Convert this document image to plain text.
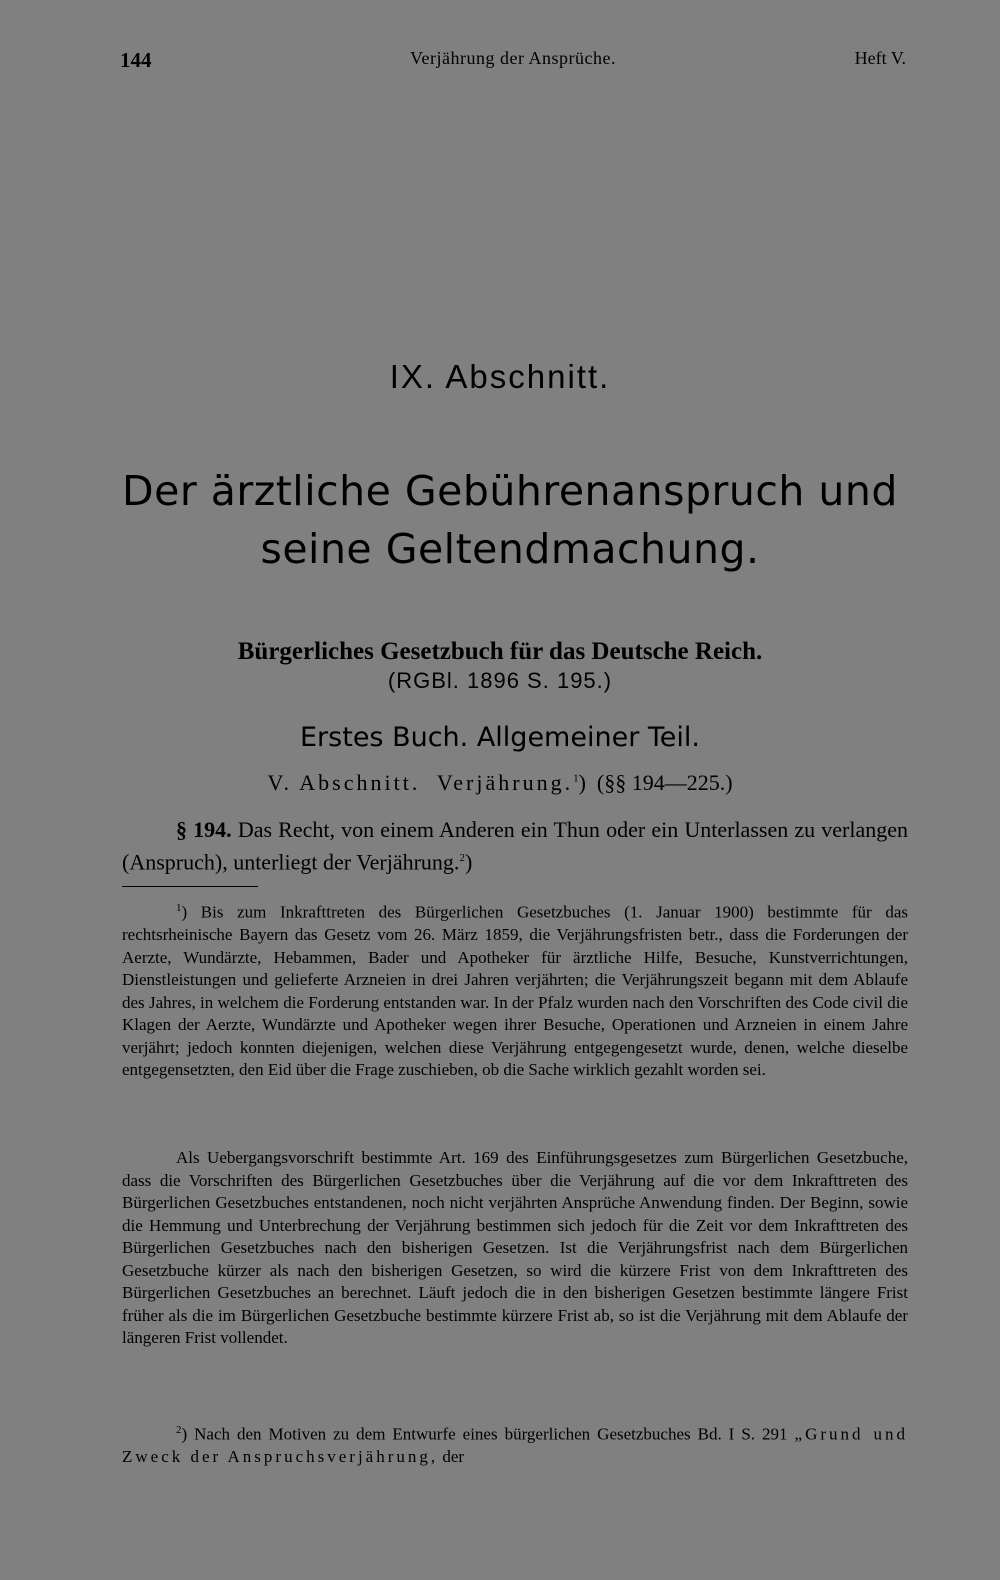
144	Verjährung der Ansprüche.	Heft V.
IX. Abschnitt.
Der ärztliche Gebührenanspruch und
seine Geltendmachung.
Bürgerliches Gesetzbuch für das Deutsche Reich.
(RGBl. 1896 S. 195.)
Erstes Buch. Allgemeiner Teil.
V. Abschnitt. Verjährung.$^1$)  (§§ 194—225.)
§ 194. Das Recht, von einem Anderen ein Thun oder ein Unterlassen zu verlangen (Anspruch), unterliegt der Verjährung.$^2$)
$^1$) Bis zum Inkrafttreten des Bürgerlichen Gesetzbuches (1. Januar 1900) bestimmte für das rechtsrheinische Bayern das Gesetz vom 26. März 1859, die Verjährungsfristen betr., dass die Forderungen der Aerzte, Wundärzte, Hebammen, Bader und Apotheker für ärztliche Hilfe, Besuche, Kunstverrichtungen, Dienstleistungen und gelieferte Arzneien in drei Jahren verjährten; die Verjährungszeit begann mit dem Ablaufe des Jahres, in welchem die Forderung entstanden war. In der Pfalz wurden nach den Vorschriften des Code civil die Klagen der Aerzte, Wundärzte und Apotheker wegen ihrer Besuche, Operationen und Arzneien in einem Jahre verjährt; jedoch konnten diejenigen, welchen diese Verjährung entgegengesetzt wurde, denen, welche dieselbe entgegensetzten, den Eid über die Frage zuschieben, ob die Sache wirklich gezahlt worden sei.
Als Uebergangsvorschrift bestimmte Art. 169 des Einführungsgesetzes zum Bürgerlichen Gesetzbuche, dass die Vorschriften des Bürgerlichen Gesetzbuches über die Verjährung auf die vor dem Inkrafttreten des Bürgerlichen Gesetzbuches entstandenen, noch nicht verjährten Ansprüche Anwendung finden. Der Beginn, sowie die Hemmung und Unterbrechung der Verjährung bestimmen sich jedoch für die Zeit vor dem Inkrafttreten des Bürgerlichen Gesetzbuches nach den bisherigen Gesetzen. Ist die Verjährungsfrist nach dem Bürgerlichen Gesetzbuche kürzer als nach den bisherigen Gesetzen, so wird die kürzere Frist von dem Inkrafttreten des Bürgerlichen Gesetzbuches an berechnet. Läuft jedoch die in den bisherigen Gesetzen bestimmte längere Frist früher als die im Bürgerlichen Gesetzbuche bestimmte kürzere Frist ab, so ist die Verjährung mit dem Ablaufe der längeren Frist vollendet.
$^2$) Nach den Motiven zu dem Entwurfe eines bürgerlichen Gesetzbuches Bd. I S. 291 „Grund und Zweck der Anspruchsverjährung, der
